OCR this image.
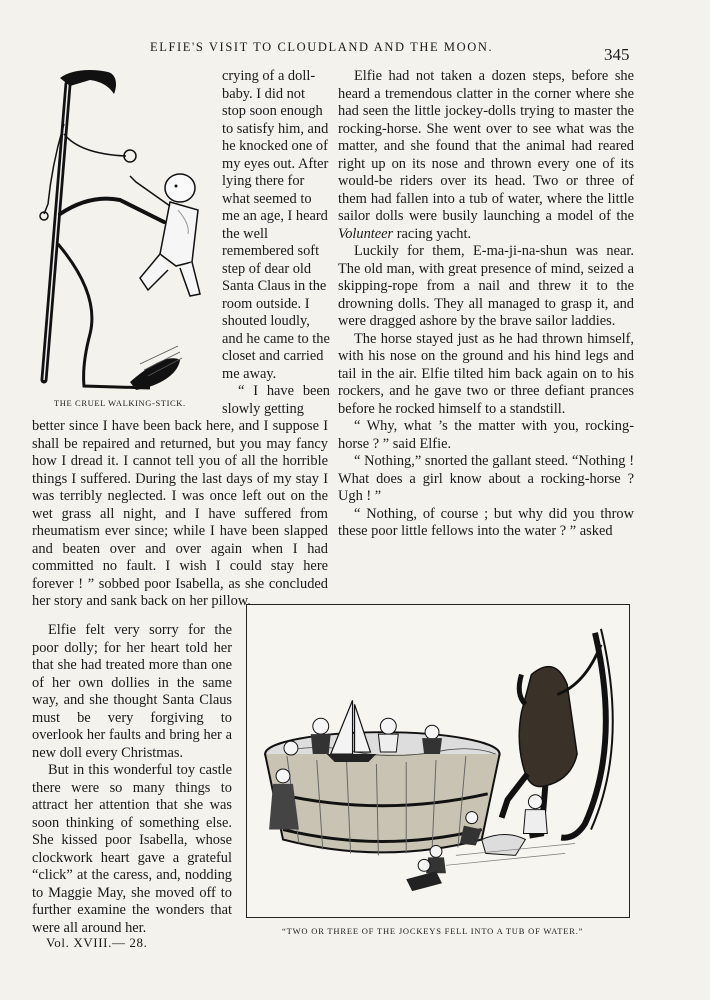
ELFIE'S VISIT TO CLOUDLAND AND THE MOON.	345
THE CRUEL WALKING-STICK.

crying of a doll-baby. I did not stop soon enough to satisfy him, and he knocked one of my eyes out. After lying there for what seemed to me an age, I heard the well remembered soft step of dear old Santa Claus in the room outside. I shouted loudly, and he came to the closet and carried me away.

“ I have been slowly getting

better since I have been back here, and I suppose I shall be repaired and returned, but you may fancy how I dread it. I cannot tell you of all the horrible things I suffered. During the last days of my stay I was terribly neglected. I was once left out on the wet grass all night, and I have suffered from rheumatism ever since; while I have been slapped and beaten over and over again when I had committed no fault. I wish I could stay here forever ! ” sobbed poor Isabella, as she concluded her story and sank back on her pillow.

Elfie felt very sorry for the poor dolly; for her heart told her that she had treated more than one of her own dollies in the same way, and she thought Santa Claus must be very forgiving to overlook her faults and bring her a new doll every Christmas.

But in this wonderful toy castle there were so many things to attract her attention that she was soon thinking of something else. She kissed poor Isabella, whose clockwork heart gave a grateful “click” at the caress, and, nodding to Maggie May, she moved off to further examine the wonders that were all around her.

Elfie had not taken a dozen steps, before she heard a tremendous clatter in the corner where she had seen the little jockey-dolls trying to master the rocking-horse. She went over to see what was the matter, and she found that the animal had reared right up on its nose and thrown every one of its would-be riders over its head. Two or three of them had fallen into a tub of water, where the little sailor dolls were busily launching a model of the Volunteer racing yacht.

Luckily for them, E-ma-ji-na-shun was near. The old man, with great presence of mind, seized a skipping-rope from a nail and threw it to the drowning dolls. They all managed to grasp it, and were dragged ashore by the brave sailor laddies.

The horse stayed just as he had thrown himself, with his nose on the ground and his hind legs and tail in the air. Elfie tilted him back again on to his rockers, and he gave two or three defiant prances before he rocked himself to a standstill.

“ Why, what ’s the matter with you, rocking-horse ? ” said Elfie.

“ Nothing,” snorted the gallant steed. “Nothing ! What does a girl know about a rocking-horse ? Ugh ! ”

“ Nothing, of course ; but why did you throw these poor little fellows into the water ? ” asked

“TWO OR THREE OF THE JOCKEYS FELL INTO A TUB OF WATER.”
Vol. XVIII.— 28.
